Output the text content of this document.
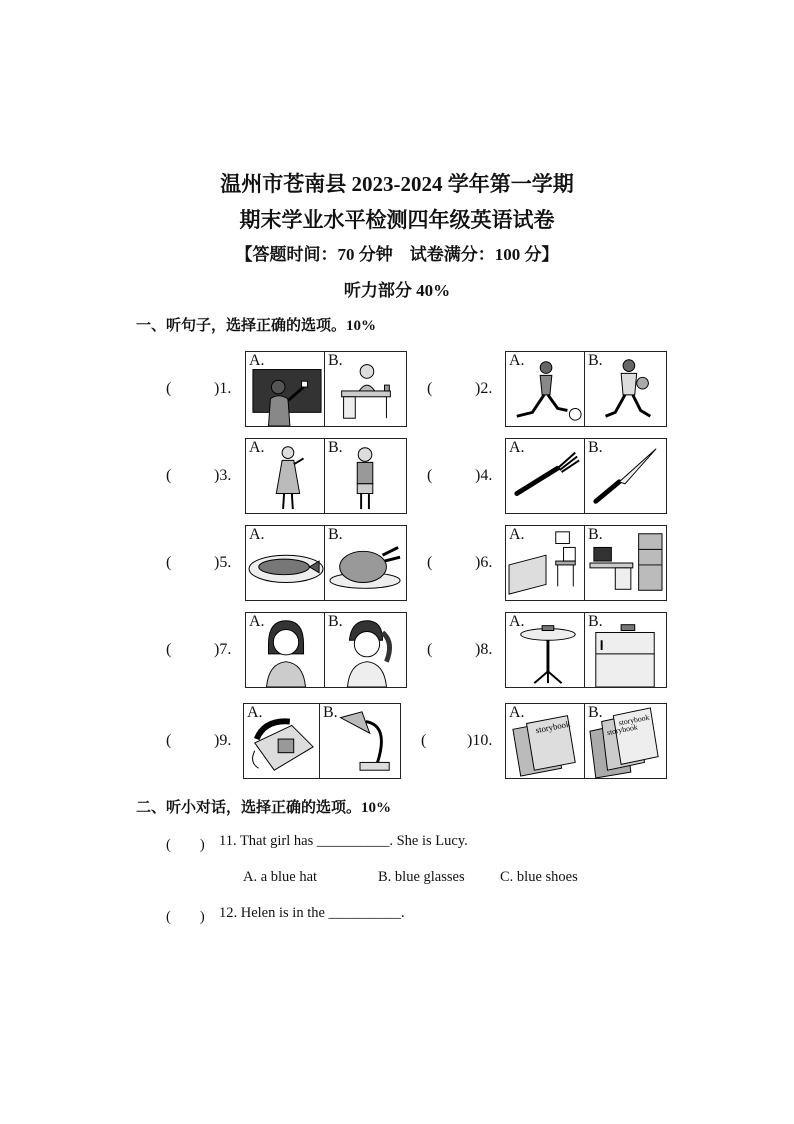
温州市苍南县 2023-2024 学年第一学期
期末学业水平检测四年级英语试卷
【答题时间：70 分钟　试卷满分：100 分】
听力部分 40%
一、听句子，选择正确的选项。10%
(	)1.
A.	B.
(	)2.
A.	B.
(	)3.
A.	B.
(	)4.
A.	B.
(	)5.
A.	B.
(	)6.
A.	B.
(	)7.
A.	B.
(	)8.
A.	B.
(	)9.
A.	B.
(	)10.
A.
storybook
B. storybook
storybook
二、听小对话，选择正确的选项。10%
(　　) 11. That girl has __________. She is Lucy.
A. a blue hat	B. blue glasses C. blue shoes
(　　) 12. Helen is in the __________.
